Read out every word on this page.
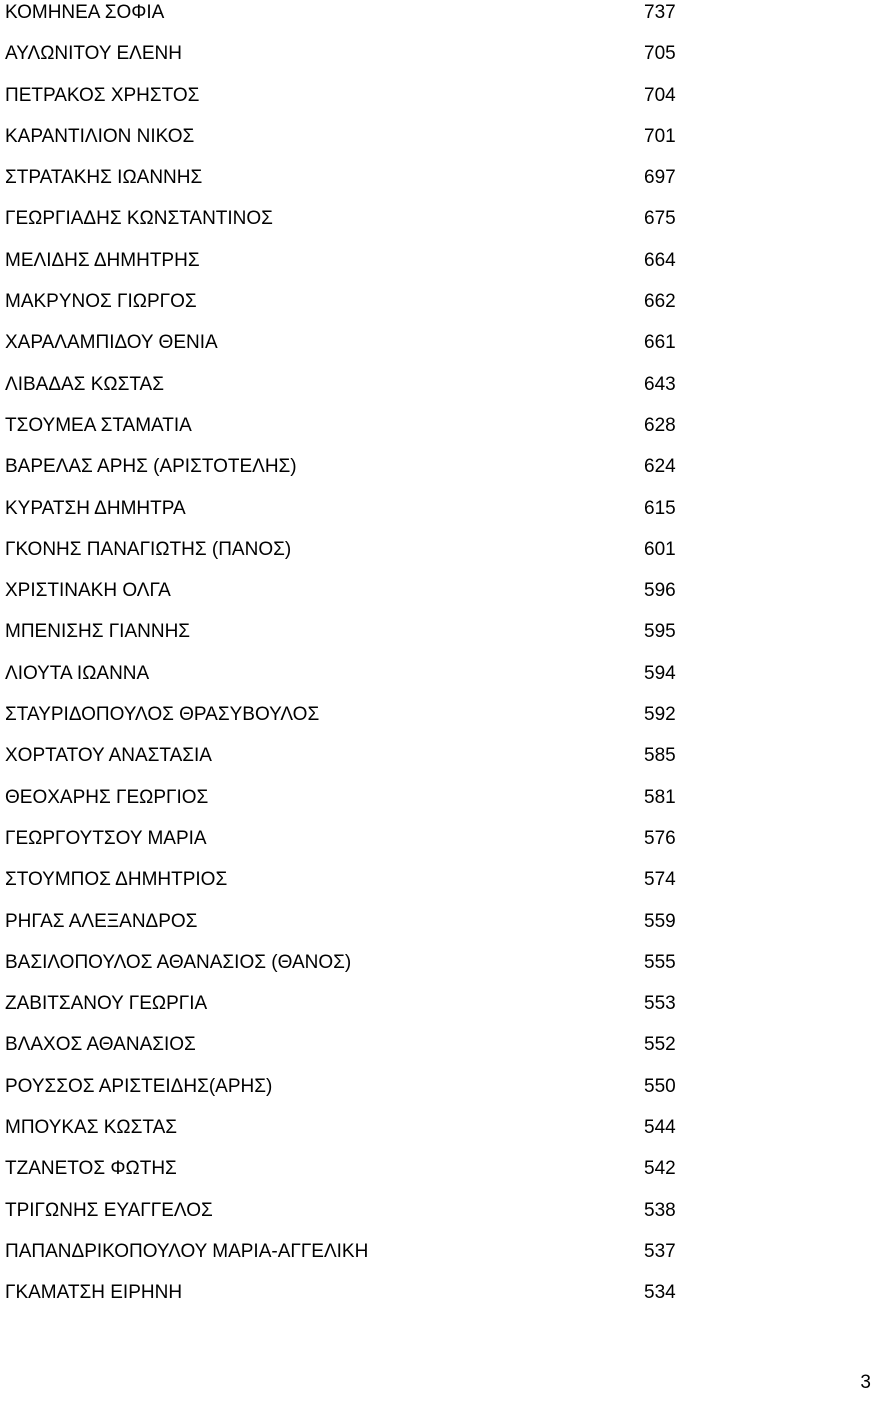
ΚΟΜΗΝΕΑ ΣΟΦΙΑ	737
ΑΥΛΩΝΙΤΟΥ ΕΛΕΝΗ	705
ΠΕΤΡΑΚΟΣ ΧΡΗΣΤΟΣ	704
ΚΑΡΑΝΤΙΛΙΟΝ ΝΙΚΟΣ	701
ΣΤΡΑΤΑΚΗΣ ΙΩΑΝΝΗΣ	697
ΓΕΩΡΓΙΑΔΗΣ ΚΩΝΣΤΑΝΤΙΝΟΣ	675
ΜΕΛΙΔΗΣ ΔΗΜΗΤΡΗΣ	664
ΜΑΚΡΥΝΟΣ ΓΙΩΡΓΟΣ	662
ΧΑΡΑΛΑΜΠΙΔΟΥ ΘΕΝΙΑ	661
ΛΙΒΑΔΑΣ ΚΩΣΤΑΣ	643
ΤΣΟΥΜΕΑ ΣΤΑΜΑΤΙΑ	628
ΒΑΡΕΛΑΣ ΑΡΗΣ (ΑΡΙΣΤΟΤΕΛΗΣ)	624
ΚΥΡΑΤΣΗ ΔΗΜΗΤΡΑ	615
ΓΚΟΝΗΣ ΠΑΝΑΓΙΩΤΗΣ (ΠΑΝΟΣ)	601
ΧΡΙΣΤΙΝΑΚΗ ΟΛΓΑ	596
ΜΠΕΝΙΣΗΣ ΓΙΑΝΝΗΣ	595
ΛΙΟΥΤΑ ΙΩΑΝΝΑ	594
ΣΤΑΥΡΙΔΟΠΟΥΛΟΣ ΘΡΑΣΥΒΟΥΛΟΣ	592
ΧΟΡΤΑΤΟΥ ΑΝΑΣΤΑΣΙΑ	585
ΘΕΟΧΑΡΗΣ ΓΕΩΡΓΙΟΣ	581
ΓΕΩΡΓΟΥΤΣΟΥ ΜΑΡΙΑ	576
ΣΤΟΥΜΠΟΣ ΔΗΜΗΤΡΙΟΣ	574
ΡΗΓΑΣ ΑΛΕΞΑΝΔΡΟΣ	559
ΒΑΣΙΛΟΠΟΥΛΟΣ ΑΘΑΝΑΣΙΟΣ (ΘΑΝΟΣ)	555
ΖΑΒΙΤΣΑΝΟΥ ΓΕΩΡΓΙΑ	553
ΒΛΑΧΟΣ ΑΘΑΝΑΣΙΟΣ	552
ΡΟΥΣΣΟΣ ΑΡΙΣΤΕΙΔΗΣ(ΑΡΗΣ)	550
ΜΠΟΥΚΑΣ ΚΩΣΤΑΣ	544
ΤΖΑΝΕΤΟΣ ΦΩΤΗΣ	542
ΤΡΙΓΩΝΗΣ ΕΥΑΓΓΕΛΟΣ	538
ΠΑΠΑΝΔΡΙΚΟΠΟΥΛΟΥ ΜΑΡΙΑ-ΑΓΓΕΛΙΚΗ	537
ΓΚΑΜΑΤΣΗ ΕΙΡΗΝΗ	534
3
